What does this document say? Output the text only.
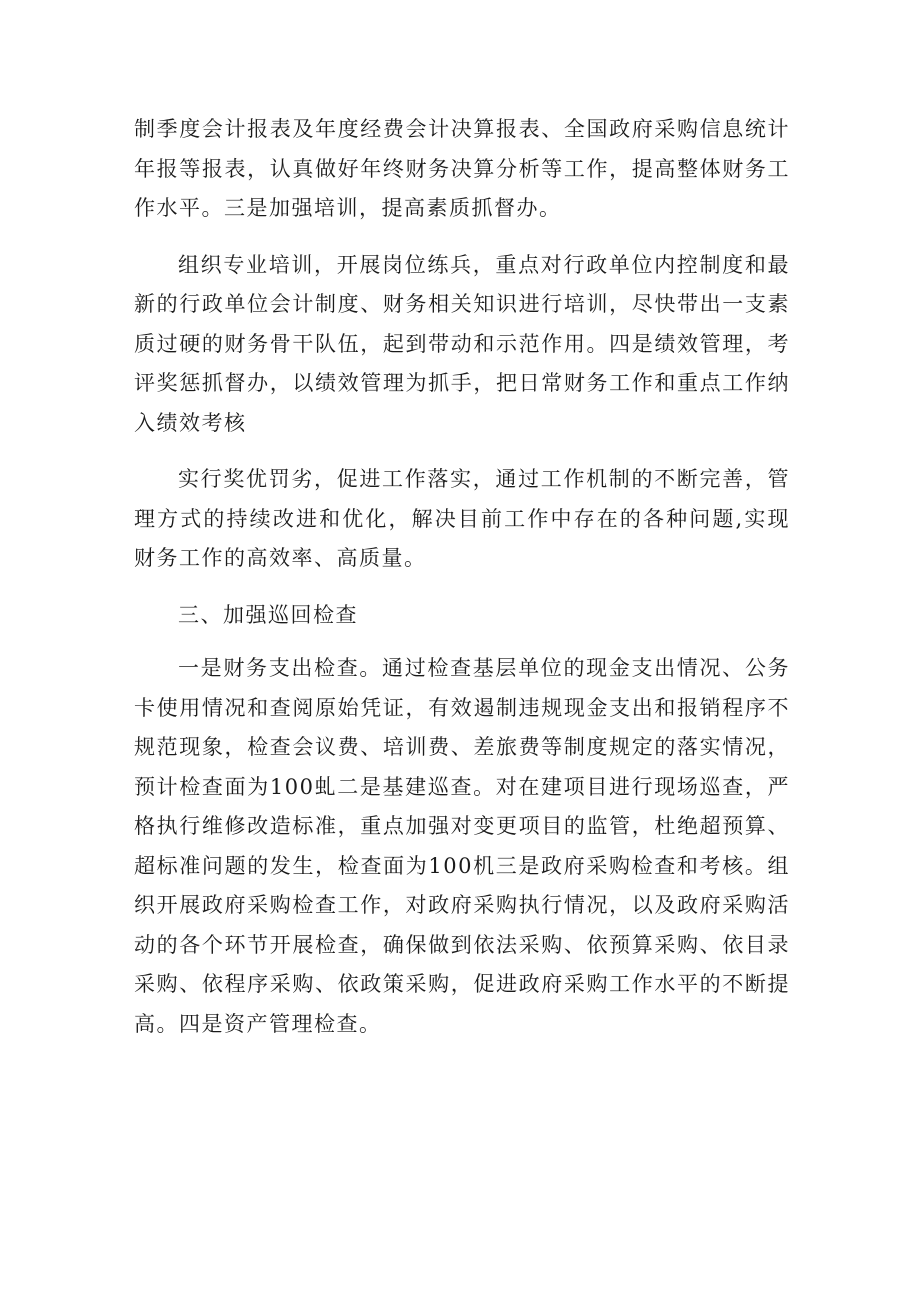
制季度会计报表及年度经费会计决算报表、全国政府采购信息统计年报等报表，认真做好年终财务决算分析等工作，提高整体财务工作水平。三是加强培训，提高素质抓督办。

组织专业培训，开展岗位练兵，重点对行政单位内控制度和最新的行政单位会计制度、财务相关知识进行培训，尽快带出一支素质过硬的财务骨干队伍，起到带动和示范作用。四是绩效管理，考评奖惩抓督办，以绩效管理为抓手，把日常财务工作和重点工作纳入绩效考核

实行奖优罚劣，促进工作落实，通过工作机制的不断完善，管理方式的持续改进和优化，解决目前工作中存在的各种问题,实现财务工作的高效率、高质量。

三、加强巡回检查

一是财务支出检查。通过检查基层单位的现金支出情况、公务卡使用情况和查阅原始凭证，有效遏制违规现金支出和报销程序不规范现象，检查会议费、培训费、差旅费等制度规定的落实情况，预计检查面为100虬二是基建巡查。对在建项目进行现场巡查，严格执行维修改造标准，重点加强对变更项目的监管，杜绝超预算、超标准问题的发生，检查面为100机三是政府采购检查和考核。组织开展政府采购检查工作，对政府采购执行情况，以及政府采购活动的各个环节开展检查，确保做到依法采购、依预算采购、依目录采购、依程序采购、依政策采购，促进政府采购工作水平的不断提高。四是资产管理检查。
